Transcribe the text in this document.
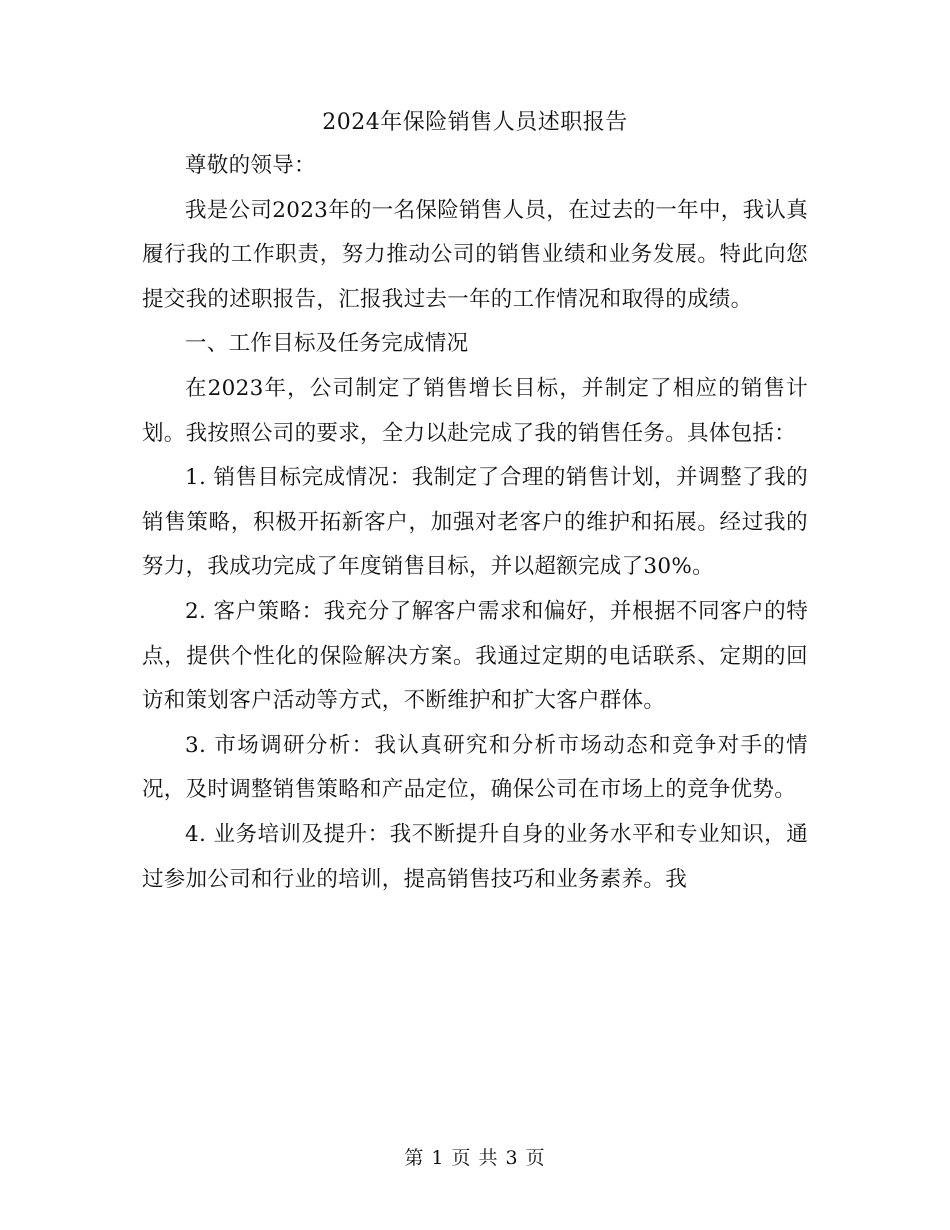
2024年保险销售人员述职报告

尊敬的领导：

我是公司2023年的一名保险销售人员，在过去的一年中，我认真履行我的工作职责，努力推动公司的销售业绩和业务发展。特此向您提交我的述职报告，汇报我过去一年的工作情况和取得的成绩。

一、工作目标及任务完成情况

在2023年，公司制定了销售增长目标，并制定了相应的销售计划。我按照公司的要求，全力以赴完成了我的销售任务。具体包括：

1. 销售目标完成情况：我制定了合理的销售计划，并调整了我的销售策略，积极开拓新客户，加强对老客户的维护和拓展。经过我的努力，我成功完成了年度销售目标，并以超额完成了30%。

2. 客户策略：我充分了解客户需求和偏好，并根据不同客户的特点，提供个性化的保险解决方案。我通过定期的电话联系、定期的回访和策划客户活动等方式，不断维护和扩大客户群体。

3. 市场调研分析：我认真研究和分析市场动态和竞争对手的情况，及时调整销售策略和产品定位，确保公司在市场上的竞争优势。

4. 业务培训及提升：我不断提升自身的业务水平和专业知识，通过参加公司和行业的培训，提高销售技巧和业务素养。我

第 1 页 共 3 页
